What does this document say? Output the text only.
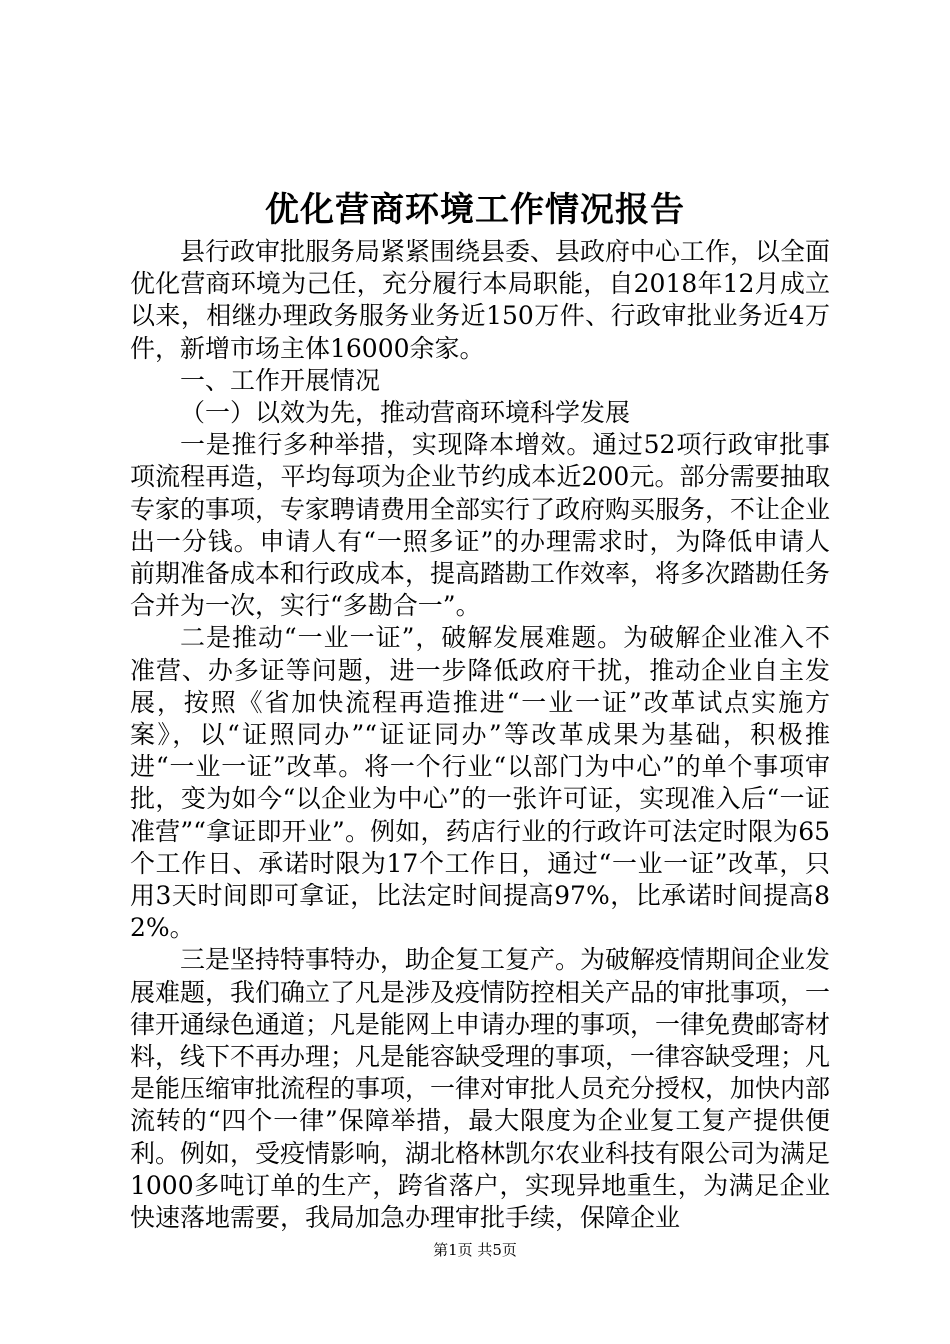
优化营商环境工作情况报告

县行政审批服务局紧紧围绕县委、县政府中心工作，以全面优化营商环境为己任，充分履行本局职能，自2018年12月成立以来，相继办理政务服务业务近150万件、行政审批业务近4万件，新增市场主体16000余家。

一、工作开展情况

（一）以效为先，推动营商环境科学发展

一是推行多种举措，实现降本增效。通过52项行政审批事项流程再造，平均每项为企业节约成本近200元。部分需要抽取专家的事项，专家聘请费用全部实行了政府购买服务，不让企业出一分钱。申请人有“一照多证”的办理需求时，为降低申请人前期准备成本和行政成本，提高踏勘工作效率，将多次踏勘任务合并为一次，实行“多勘合一”。

二是推动“一业一证”，破解发展难题。为破解企业准入不准营、办多证等问题，进一步降低政府干扰，推动企业自主发展，按照《省加快流程再造推进“一业一证”改革试点实施方案》，以“证照同办”“证证同办”等改革成果为基础，积极推进“一业一证”改革。将一个行业“以部门为中心”的单个事项审批，变为如今“以企业为中心”的一张许可证，实现准入后“一证准营”“拿证即开业”。例如，药店行业的行政许可法定时限为65个工作日、承诺时限为17个工作日，通过“一业一证”改革，只用3天时间即可拿证，比法定时间提高97%，比承诺时间提高82%。

三是坚持特事特办，助企复工复产。为破解疫情期间企业发展难题，我们确立了凡是涉及疫情防控相关产品的审批事项，一律开通绿色通道；凡是能网上申请办理的事项，一律免费邮寄材料，线下不再办理；凡是能容缺受理的事项，一律容缺受理；凡是能压缩审批流程的事项，一律对审批人员充分授权，加快内部流转的“四个一律”保障举措，最大限度为企业复工复产提供便利。例如，受疫情影响，湖北格林凯尔农业科技有限公司为满足1000多吨订单的生产，跨省落户，实现异地重生，为满足企业快速落地需要，我局加急办理审批手续，保障企业

第1页 共5页
